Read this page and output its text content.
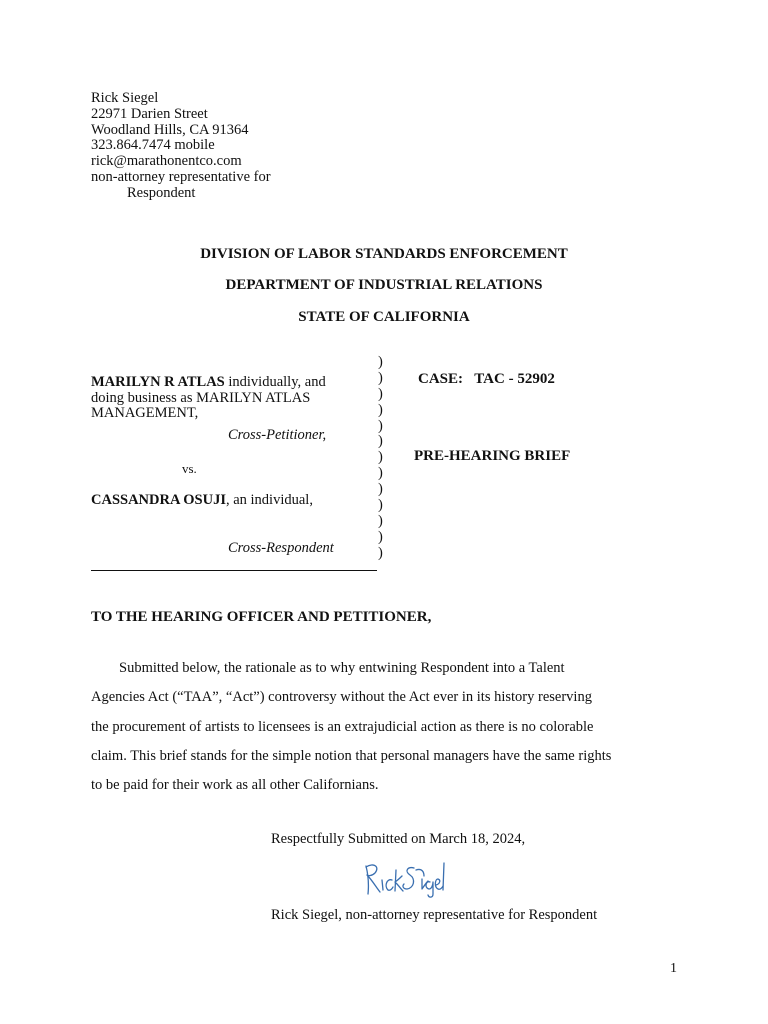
Rick Siegel
22971 Darien Street
Woodland Hills, CA 91364
323.864.7474 mobile
rick@marathonentco.com
non-attorney representative for
Respondent
DIVISION OF LABOR STANDARDS ENFORCEMENT
DEPARTMENT OF INDUSTRIAL RELATIONS
STATE OF CALIFORNIA
MARILYN R ATLAS individually, and
doing business as MARILYN ATLAS
MANAGEMENT,
Cross-Petitioner,
vs.
CASSANDRA OSUJI, an individual,
Cross-Respondent
)
)
)
)
)
)
)
)
)
)
)
)
)
CASE: TAC - 52902
PRE-HEARING BRIEF
TO THE HEARING OFFICER AND PETITIONER,

Submitted below, the rationale as to why entwining Respondent into a Talent

Agencies Act (“TAA”, “Act”) controversy without the Act ever in its history reserving
the procurement of artists to licensees is an extrajudicial action as there is no colorable
claim. This brief stands for the simple notion that personal managers have the same rights
to be paid for their work as all other Californians.
Respectfully Submitted on March 18, 2024,
Rick Siegel, non-attorney representative for Respondent
1
